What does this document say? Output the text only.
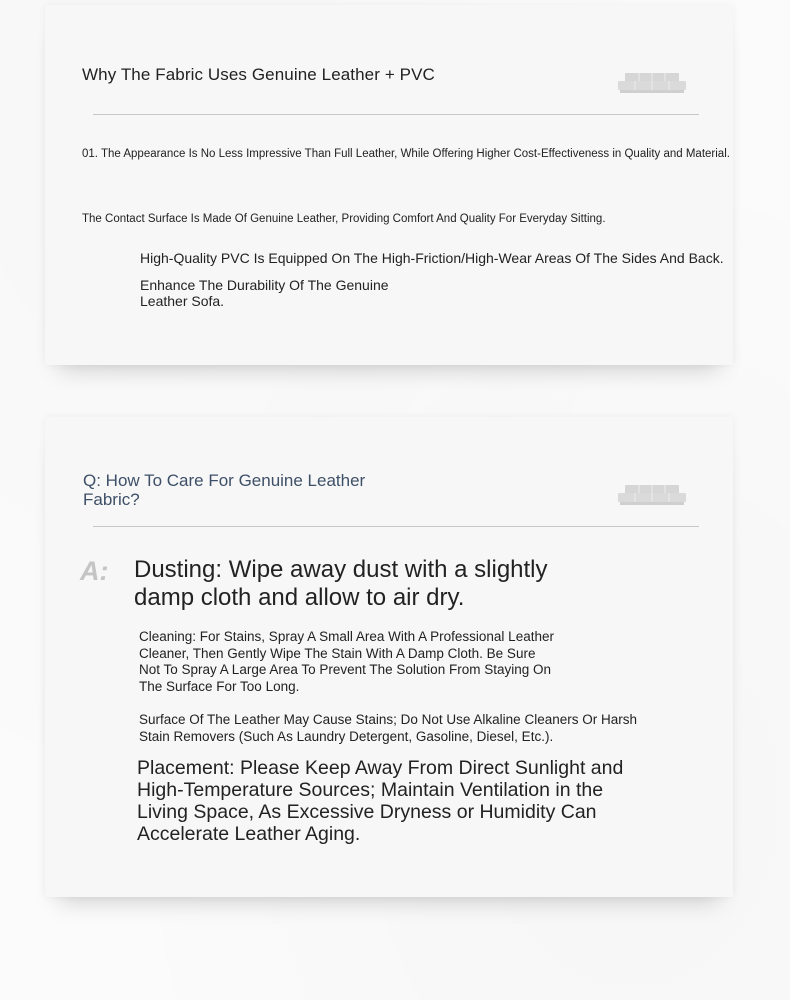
Why The Fabric Uses Genuine Leather + PVC
01. The Appearance Is No Less Impressive Than Full Leather, While Offering Higher Cost-Effectiveness in Quality and Material.
The Contact Surface Is Made Of Genuine Leather, Providing Comfort And Quality For Everyday Sitting.
High-Quality PVC Is Equipped On The High-Friction/High-Wear Areas Of The Sides And Back.
Enhance The Durability Of The Genuine Leather Sofa.
Q: How To Care For Genuine Leather Fabric?
A: Dusting: Wipe away dust with a slightly damp cloth and allow to air dry.
Cleaning: For Stains, Spray A Small Area With A Professional Leather Cleaner, Then Gently Wipe The Stain With A Damp Cloth. Be Sure Not To Spray A Large Area To Prevent The Solution From Staying On The Surface For Too Long.
Surface Of The Leather May Cause Stains; Do Not Use Alkaline Cleaners Or Harsh Stain Removers (Such As Laundry Detergent, Gasoline, Diesel, Etc.).
Placement: Please Keep Away From Direct Sunlight and High-Temperature Sources; Maintain Ventilation in the Living Space, As Excessive Dryness or Humidity Can Accelerate Leather Aging.
